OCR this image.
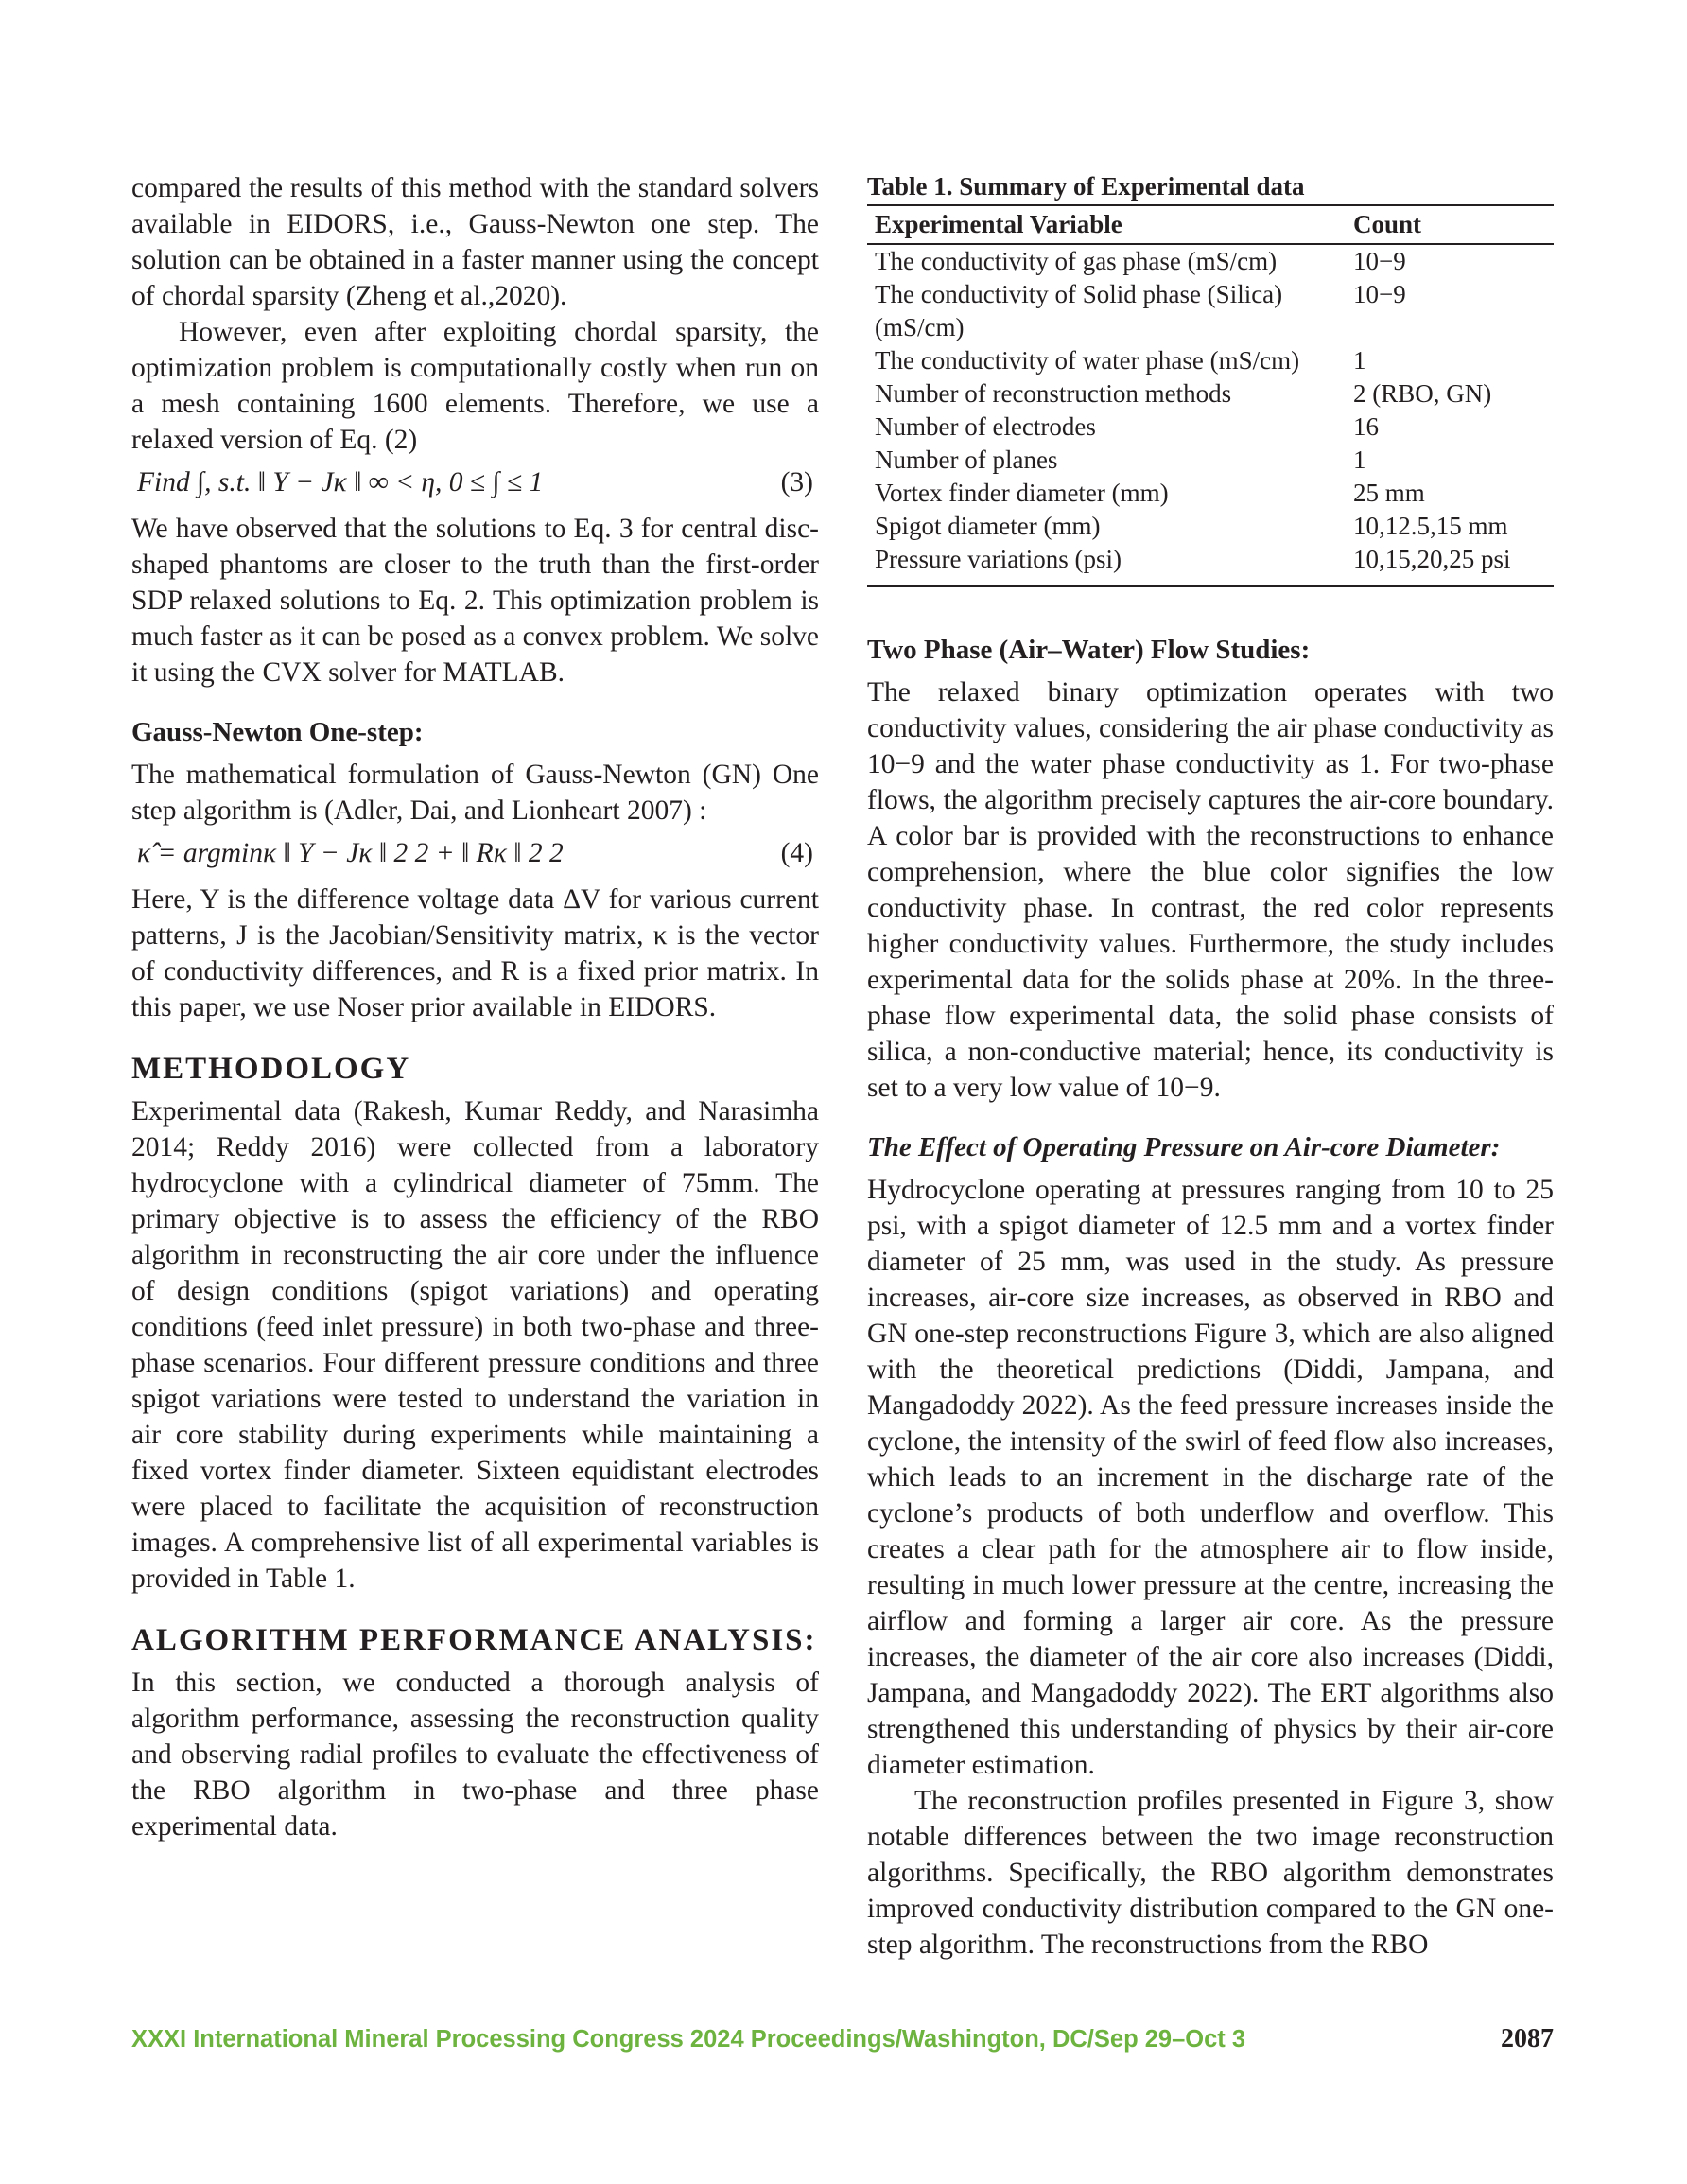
compared the results of this method with the standard solvers available in EIDORS, i.e., Gauss-Newton one step. The solution can be obtained in a faster manner using the concept of chordal sparsity (Zheng et al.,2020).

However, even after exploiting chordal sparsity, the optimization problem is computationally costly when run on a mesh containing 1600 elements. Therefore, we use a relaxed version of Eq. (2)

Find ∫, s.t. ‖ Y − Jκ ‖ ∞ < η, 0 ≤ ∫ ≤ 1	(3)

We have observed that the solutions to Eq. 3 for central disc-shaped phantoms are closer to the truth than the first-order SDP relaxed solutions to Eq. 2. This optimization problem is much faster as it can be posed as a convex problem. We solve it using the CVX solver for MATLAB.

Gauss-Newton One-step:

The mathematical formulation of Gauss-Newton (GN) One step algorithm is (Adler, Dai, and Lionheart 2007) :

κ̂ = argminκ ‖ Y − Jκ ‖ 2 2 + ‖ Rκ ‖ 2 2	(4)

Here, Y is the difference voltage data ΔV for various current patterns, J is the Jacobian/Sensitivity matrix, κ is the vector of conductivity differences, and R is a fixed prior matrix. In this paper, we use Noser prior available in EIDORS.

METHODOLOGY

Experimental data (Rakesh, Kumar Reddy, and Narasimha 2014; Reddy 2016) were collected from a laboratory hydrocyclone with a cylindrical diameter of 75mm. The primary objective is to assess the efficiency of the RBO algorithm in reconstructing the air core under the influence of design conditions (spigot variations) and operating conditions (feed inlet pressure) in both two-phase and three-phase scenarios. Four different pressure conditions and three spigot variations were tested to understand the variation in air core stability during experiments while maintaining a fixed vortex finder diameter. Sixteen equidistant electrodes were placed to facilitate the acquisition of reconstruction images. A comprehensive list of all experimental variables is provided in Table 1.

ALGORITHM PERFORMANCE ANALYSIS:

In this section, we conducted a thorough analysis of algorithm performance, assessing the reconstruction quality and observing radial profiles to evaluate the effectiveness of the RBO algorithm in two-phase and three phase experimental data.

Table 1. Summary of Experimental data
Experimental Variable	Count
The conductivity of gas phase (mS/cm)	10−9
The conductivity of Solid phase (Silica) (mS/cm)	10−9
The conductivity of water phase (mS/cm)	1
Number of reconstruction methods	2 (RBO, GN)
Number of electrodes	16
Number of planes	1
Vortex finder diameter (mm)	25 mm
Spigot diameter (mm)	10,12.5,15 mm
Pressure variations (psi)	10,15,20,25 psi
Two Phase (Air–Water) Flow Studies:

The relaxed binary optimization operates with two conductivity values, considering the air phase conductivity as 10−9 and the water phase conductivity as 1. For two-phase flows, the algorithm precisely captures the air-core boundary. A color bar is provided with the reconstructions to enhance comprehension, where the blue color signifies the low conductivity phase. In contrast, the red color represents higher conductivity values. Furthermore, the study includes experimental data for the solids phase at 20%. In the three-phase flow experimental data, the solid phase consists of silica, a non-conductive material; hence, its conductivity is set to a very low value of 10−9.

The Effect of Operating Pressure on Air-core Diameter:

Hydrocyclone operating at pressures ranging from 10 to 25 psi, with a spigot diameter of 12.5 mm and a vortex finder diameter of 25 mm, was used in the study. As pressure increases, air-core size increases, as observed in RBO and GN one-step reconstructions Figure 3, which are also aligned with the theoretical predictions (Diddi, Jampana, and Mangadoddy 2022). As the feed pressure increases inside the cyclone, the intensity of the swirl of feed flow also increases, which leads to an increment in the discharge rate of the cyclone’s products of both underflow and overflow. This creates a clear path for the atmosphere air to flow inside, resulting in much lower pressure at the centre, increasing the airflow and forming a larger air core. As the pressure increases, the diameter of the air core also increases (Diddi, Jampana, and Mangadoddy 2022). The ERT algorithms also strengthened this understanding of physics by their air-core diameter estimation.

The reconstruction profiles presented in Figure 3, show notable differences between the two image reconstruction algorithms. Specifically, the RBO algorithm demonstrates improved conductivity distribution compared to the GN one-step algorithm. The reconstructions from the RBO

XXXI International Mineral Processing Congress 2024 Proceedings/Washington, DC/Sep 29–Oct 3	2087
